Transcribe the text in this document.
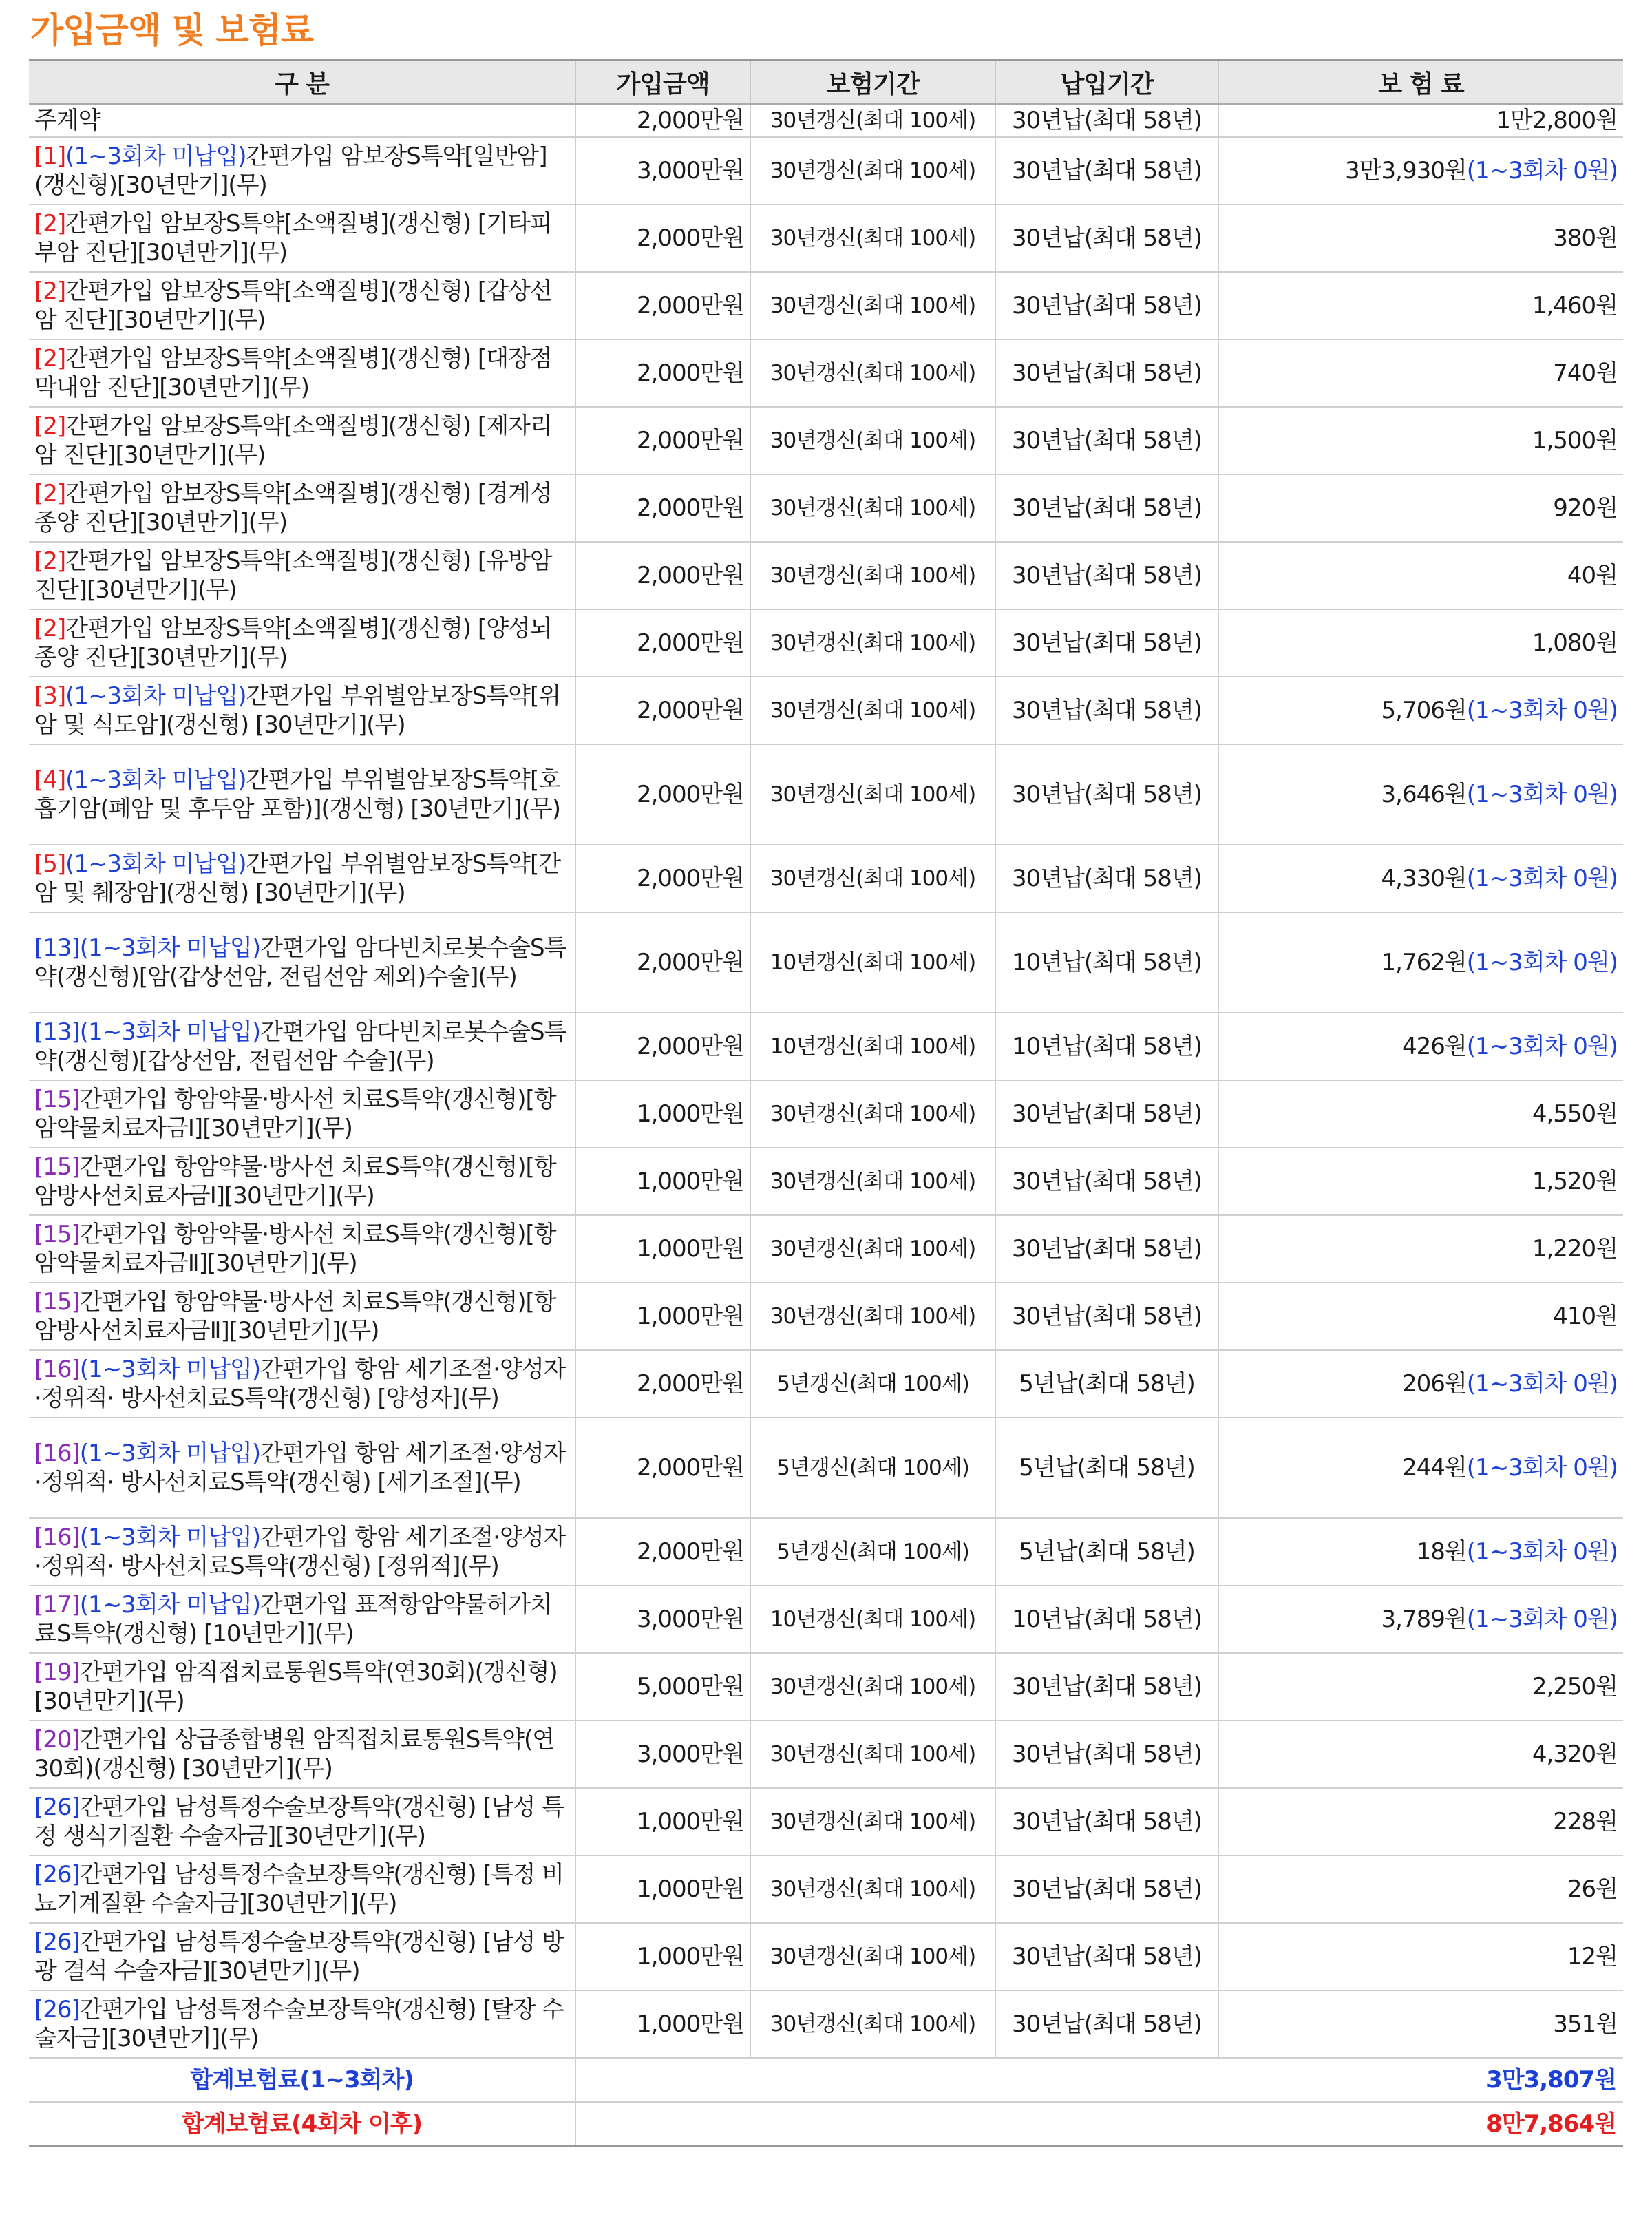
가입금액 및 보험료
구 분	가입금액	보험기간	납입기간	보 험 료
주계약	2,000만원	30년갱신(최대 100세)	30년납(최대 58년)	1만2,800원
[1](1~3회차 미납입)간편가입 암보장S특약[일반암](갱신형)[30년만기](무)	3,000만원	30년갱신(최대 100세)	30년납(최대 58년)	3만3,930원(1~3회차 0원)
[2]간편가입 암보장S특약[소액질병](갱신형) [기타피부암 진단][30년만기](무)	2,000만원	30년갱신(최대 100세)	30년납(최대 58년)	380원
[2]간편가입 암보장S특약[소액질병](갱신형) [갑상선암 진단][30년만기](무)	2,000만원	30년갱신(최대 100세)	30년납(최대 58년)	1,460원
[2]간편가입 암보장S특약[소액질병](갱신형) [대장점막내암 진단][30년만기](무)	2,000만원	30년갱신(최대 100세)	30년납(최대 58년)	740원
[2]간편가입 암보장S특약[소액질병](갱신형) [제자리암 진단][30년만기](무)	2,000만원	30년갱신(최대 100세)	30년납(최대 58년)	1,500원
[2]간편가입 암보장S특약[소액질병](갱신형) [경계성종양 진단][30년만기](무)	2,000만원	30년갱신(최대 100세)	30년납(최대 58년)	920원
[2]간편가입 암보장S특약[소액질병](갱신형) [유방암 진단][30년만기](무)	2,000만원	30년갱신(최대 100세)	30년납(최대 58년)	40원
[2]간편가입 암보장S특약[소액질병](갱신형) [양성뇌종양 진단][30년만기](무)	2,000만원	30년갱신(최대 100세)	30년납(최대 58년)	1,080원
[3](1~3회차 미납입)간편가입 부위별암보장S특약[위암 및 식도암](갱신형) [30년만기](무)	2,000만원	30년갱신(최대 100세)	30년납(최대 58년)	5,706원(1~3회차 0원)
[4](1~3회차 미납입)간편가입 부위별암보장S특약[호흡기암(폐암 및 후두암 포함)](갱신형) [30년만기](무)	2,000만원	30년갱신(최대 100세)	30년납(최대 58년)	3,646원(1~3회차 0원)
[5](1~3회차 미납입)간편가입 부위별암보장S특약[간암 및 췌장암](갱신형) [30년만기](무)	2,000만원	30년갱신(최대 100세)	30년납(최대 58년)	4,330원(1~3회차 0원)
[13](1~3회차 미납입)간편가입 암다빈치로봇수술S특약(갱신형)[암(갑상선암, 전립선암 제외)수술](무)	2,000만원	10년갱신(최대 100세)	10년납(최대 58년)	1,762원(1~3회차 0원)
[13](1~3회차 미납입)간편가입 암다빈치로봇수술S특약(갱신형)[갑상선암, 전립선암 수술](무)	2,000만원	10년갱신(최대 100세)	10년납(최대 58년)	426원(1~3회차 0원)
[15]간편가입 항암약물·방사선 치료S특약(갱신형)[항암약물치료자금Ⅰ][30년만기](무)	1,000만원	30년갱신(최대 100세)	30년납(최대 58년)	4,550원
[15]간편가입 항암약물·방사선 치료S특약(갱신형)[항암방사선치료자금Ⅰ][30년만기](무)	1,000만원	30년갱신(최대 100세)	30년납(최대 58년)	1,520원
[15]간편가입 항암약물·방사선 치료S특약(갱신형)[항암약물치료자금Ⅱ][30년만기](무)	1,000만원	30년갱신(최대 100세)	30년납(최대 58년)	1,220원
[15]간편가입 항암약물·방사선 치료S특약(갱신형)[항암방사선치료자금Ⅱ][30년만기](무)	1,000만원	30년갱신(최대 100세)	30년납(최대 58년)	410원
[16](1~3회차 미납입)간편가입 항암 세기조절·양성자·정위적· 방사선치료S특약(갱신형) [양성자](무)	2,000만원	5년갱신(최대 100세)	5년납(최대 58년)	206원(1~3회차 0원)
[16](1~3회차 미납입)간편가입 항암 세기조절·양성자·정위적· 방사선치료S특약(갱신형) [세기조절](무)	2,000만원	5년갱신(최대 100세)	5년납(최대 58년)	244원(1~3회차 0원)
[16](1~3회차 미납입)간편가입 항암 세기조절·양성자·정위적· 방사선치료S특약(갱신형) [정위적](무)	2,000만원	5년갱신(최대 100세)	5년납(최대 58년)	18원(1~3회차 0원)
[17](1~3회차 미납입)간편가입 표적항암약물허가치료S특약(갱신형) [10년만기](무)	3,000만원	10년갱신(최대 100세)	10년납(최대 58년)	3,789원(1~3회차 0원)
[19]간편가입 암직접치료통원S특약(연30회)(갱신형) [30년만기](무)	5,000만원	30년갱신(최대 100세)	30년납(최대 58년)	2,250원
[20]간편가입 상급종합병원 암직접치료통원S특약(연30회)(갱신형) [30년만기](무)	3,000만원	30년갱신(최대 100세)	30년납(최대 58년)	4,320원
[26]간편가입 남성특정수술보장특약(갱신형) [남성 특정 생식기질환 수술자금][30년만기](무)	1,000만원	30년갱신(최대 100세)	30년납(최대 58년)	228원
[26]간편가입 남성특정수술보장특약(갱신형) [특정 비뇨기계질환 수술자금][30년만기](무)	1,000만원	30년갱신(최대 100세)	30년납(최대 58년)	26원
[26]간편가입 남성특정수술보장특약(갱신형) [남성 방광 결석 수술자금][30년만기](무)	1,000만원	30년갱신(최대 100세)	30년납(최대 58년)	12원
[26]간편가입 남성특정수술보장특약(갱신형) [탈장 수술자금][30년만기](무)	1,000만원	30년갱신(최대 100세)	30년납(최대 58년)	351원
합계보험료(1~3회차)	3만3,807원			
합계보험료(4회차 이후)	8만7,864원			
